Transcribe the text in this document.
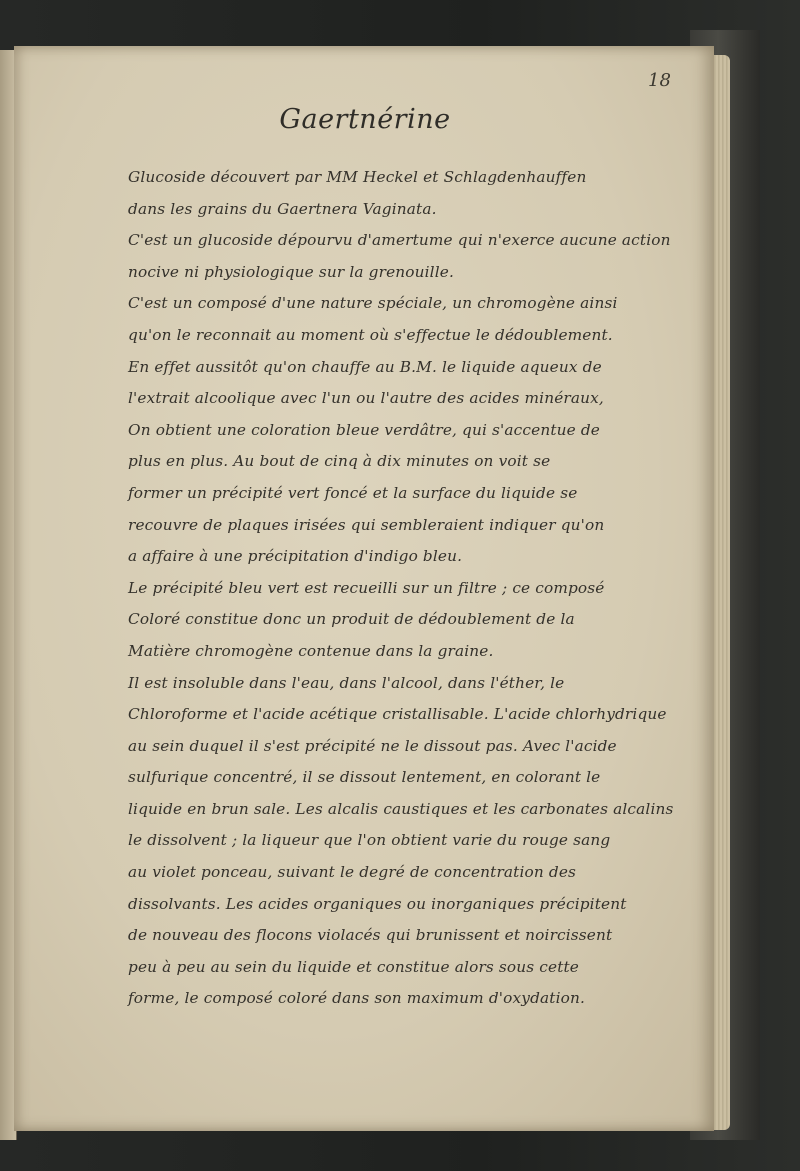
18
Gaertnérine
Glucoside découvert par MM Heckel et Schlagdenhauffen
dans les grains du Gaertnera Vaginata.
C'est un glucoside dépourvu d'amertume qui n'exerce aucune action
nocive ni physiologique sur la grenouille.
C'est un composé d'une nature spéciale, un chromogène ainsi
qu'on le reconnait au moment où s'effectue le dédoublement.
En effet aussitôt qu'on chauffe au B.M. le liquide aqueux de
l'extrait alcoolique avec l'un ou l'autre des acides minéraux,
On obtient une coloration bleue verdâtre, qui s'accentue de
plus en plus. Au bout de cinq à dix minutes on voit se
former un précipité vert foncé et la surface du liquide se
recouvre de plaques irisées qui sembleraient indiquer qu'on
a affaire à une précipitation d'indigo bleu.
Le précipité bleu vert est recueilli sur un filtre ; ce composé
Coloré constitue donc un produit de dédoublement de la
Matière chromogène contenue dans la graine.
Il est insoluble dans l'eau, dans l'alcool, dans l'éther, le
Chloroforme et l'acide acétique cristallisable. L'acide chlorhydrique
au sein duquel il s'est précipité ne le dissout pas. Avec l'acide
sulfurique concentré, il se dissout lentement, en colorant le
liquide en brun sale. Les alcalis caustiques et les carbonates alcalins
le dissolvent ; la liqueur que l'on obtient varie du rouge sang
au violet ponceau, suivant le degré de concentration des
dissolvants. Les acides organiques ou inorganiques précipitent
de nouveau des flocons violacés qui brunissent et noircissent
peu à peu au sein du liquide et constitue alors sous cette
forme, le composé coloré dans son maximum d'oxydation.
